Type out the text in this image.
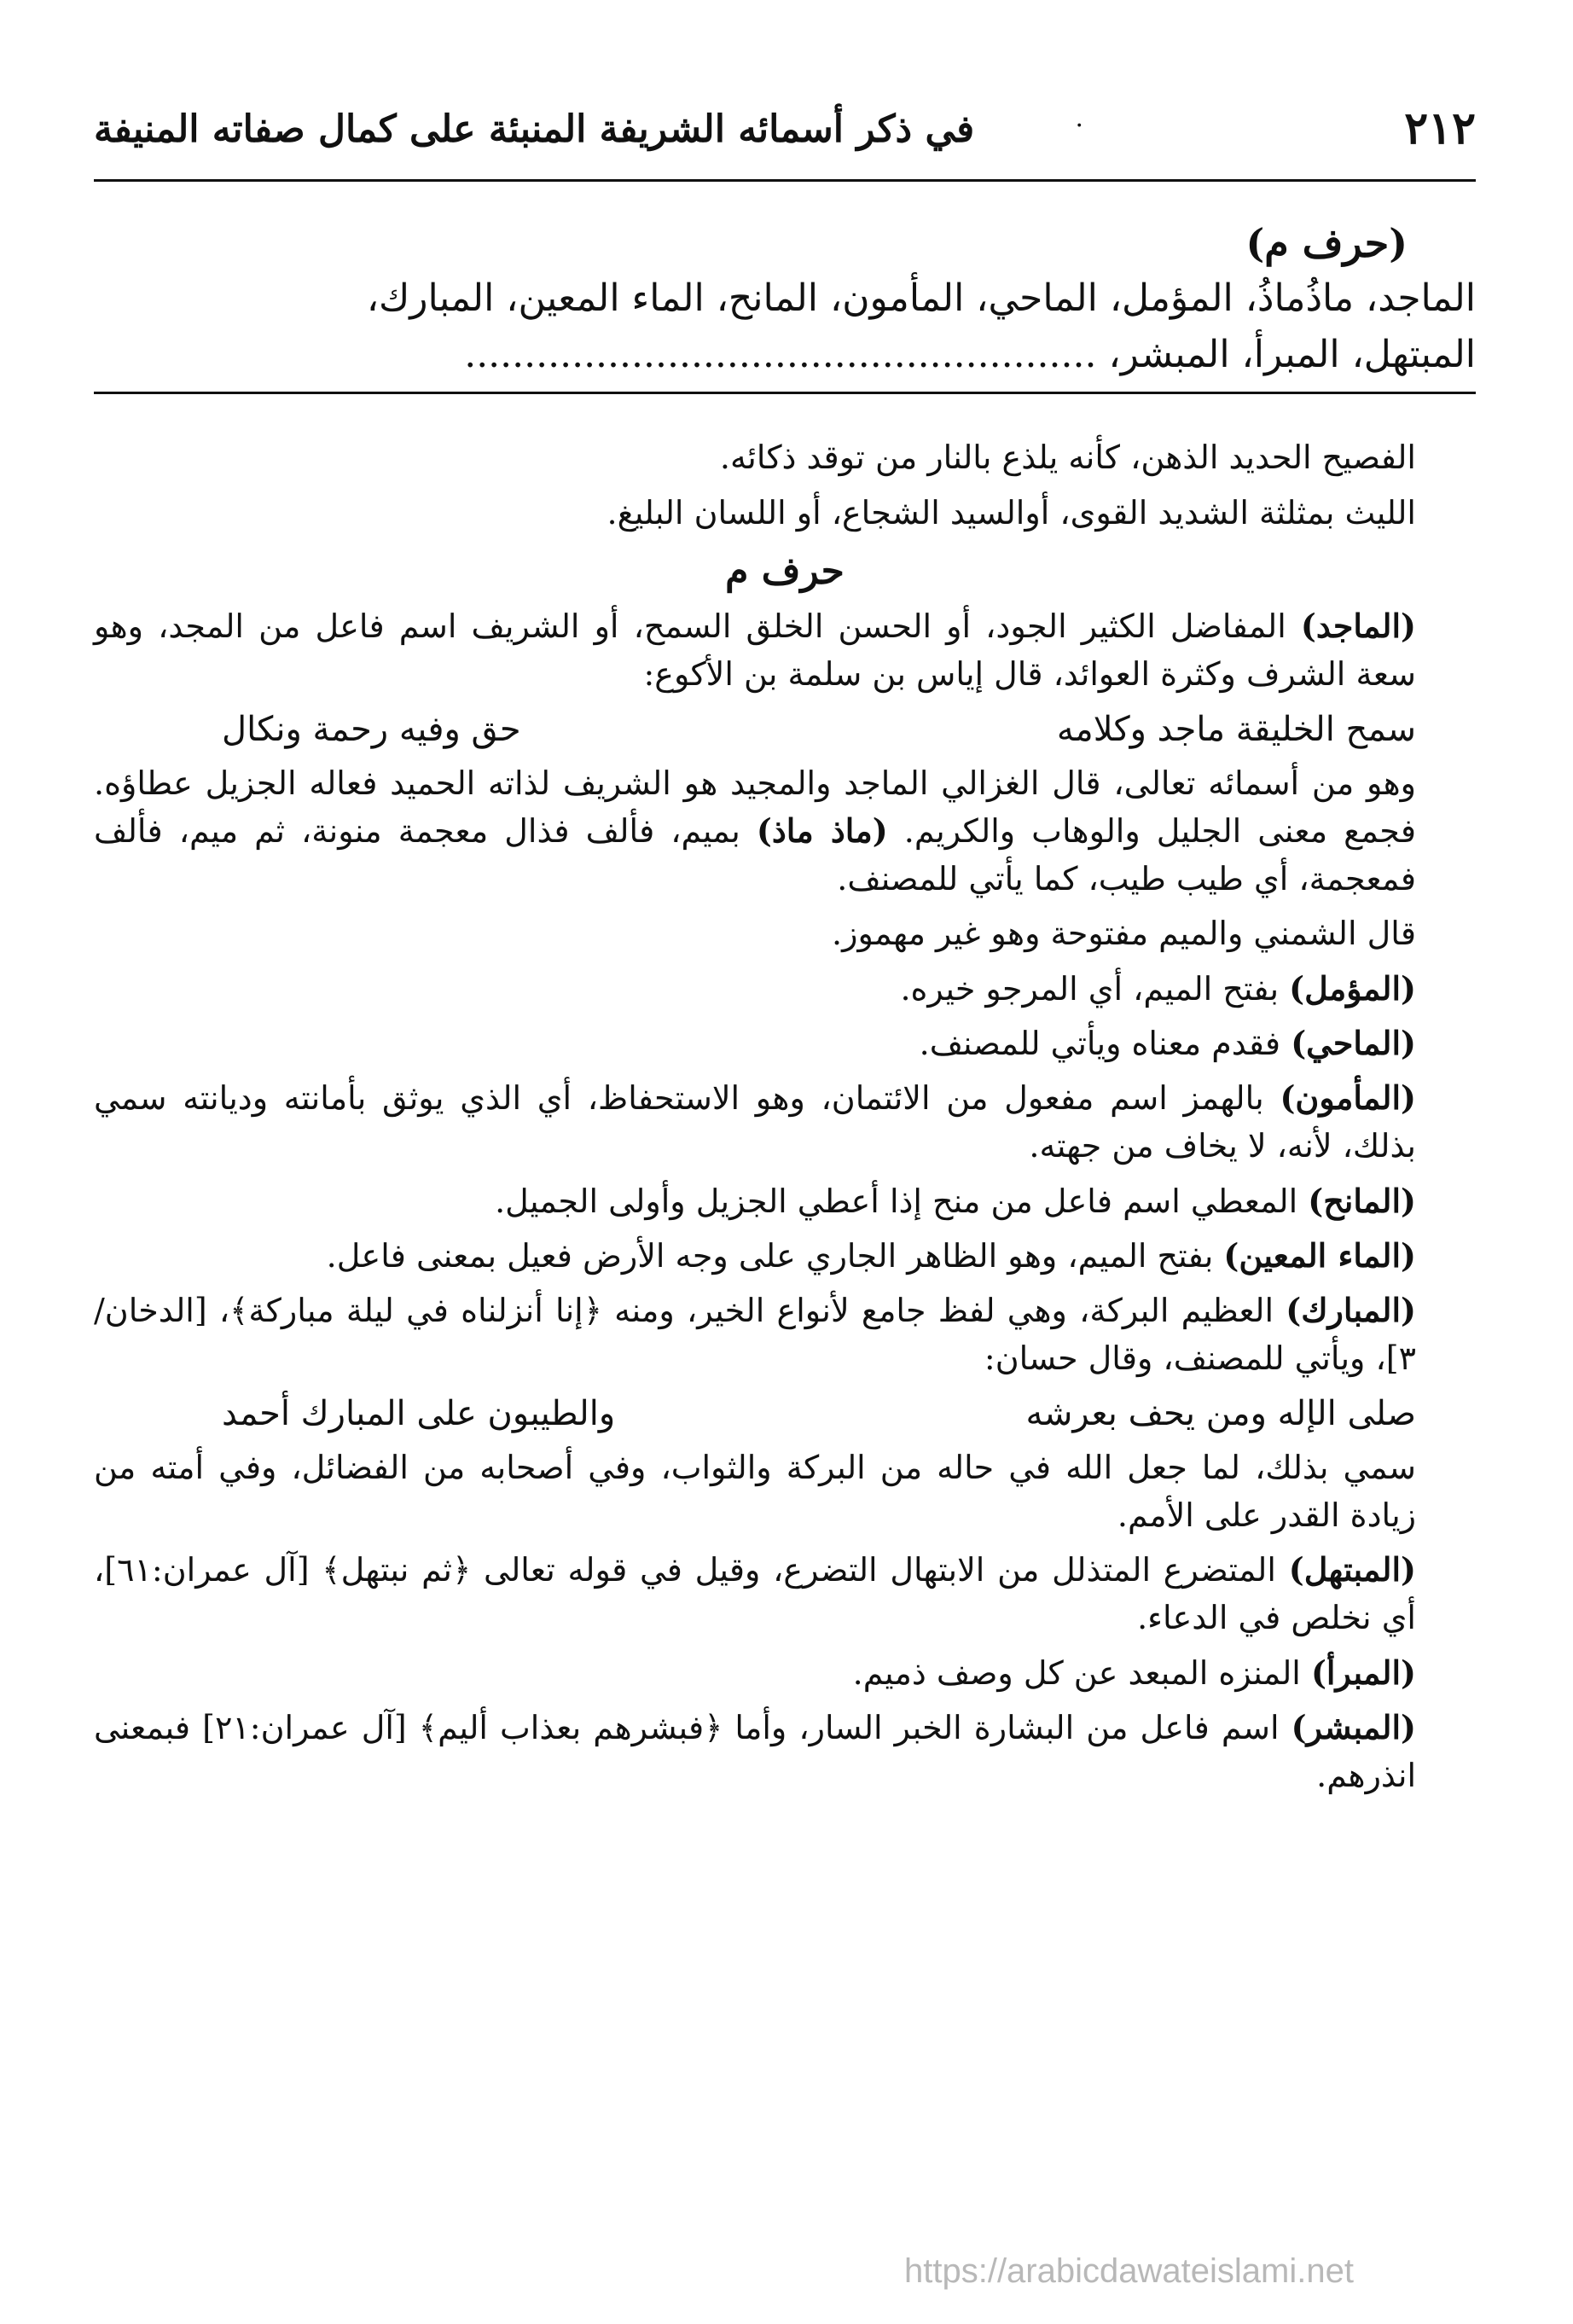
٢١٢
·
في ذكر أسمائه الشريفة المنبئة على كمال صفاته المنيفة
(حرف م)
الماجد، ماذُماذُ، المؤمل، الماحي، المأمون، المانح، الماء المعين، المبارك،
المبتهل، المبرأ، المبشر، .....................................................

الفصيح الحديد الذهن، كأنه يلذع بالنار من توقد ذكائه.

الليث بمثلثة الشديد القوى، أوالسيد الشجاع، أو اللسان البليغ.

حرف م

(الماجد) المفاضل الكثير الجود، أو الحسن الخلق السمح، أو الشريف اسم فاعل من المجد، وهو سعة الشرف وكثرة العوائد، قال إياس بن سلمة بن الأكوع:

سمح الخليقة ماجد وكلامه
حق وفيه رحمة ونكال

وهو من أسمائه تعالى، قال الغزالي الماجد والمجيد هو الشريف لذاته الحميد فعاله الجزيل عطاؤه. فجمع معنى الجليل والوهاب والكريم. (ماذ ماذ) بميم، فألف فذال معجمة منونة، ثم ميم، فألف فمعجمة، أي طيب طيب، كما يأتي للمصنف.

قال الشمني والميم مفتوحة وهو غير مهموز.

(المؤمل) بفتح الميم، أي المرجو خيره.

(الماحي) فقدم معناه ويأتي للمصنف.

(المأمون) بالهمز اسم مفعول من الائتمان، وهو الاستحفاظ، أي الذي يوثق بأمانته وديانته سمي بذلك، لأنه، لا يخاف من جهته.

(المانح) المعطي اسم فاعل من منح إذا أعطي الجزيل وأولى الجميل.

(الماء المعين) بفتح الميم، وهو الظاهر الجاري على وجه الأرض فعيل بمعنى فاعل.

(المبارك) العظيم البركة، وهي لفظ جامع لأنواع الخير، ومنه ﴿إنا أنزلناه في ليلة مباركة﴾، [الدخان/٣]، ويأتي للمصنف، وقال حسان:

صلى الإله ومن يحف بعرشه
والطيبون على المبارك أحمد

سمي بذلك، لما جعل الله في حاله من البركة والثواب، وفي أصحابه من الفضائل، وفي أمته من زيادة القدر على الأمم.

(المبتهل) المتضرع المتذلل من الابتهال التضرع، وقيل في قوله تعالى ﴿ثم نبتهل﴾ [آل عمران:٦١]، أي نخلص في الدعاء.

(المبرأ) المنزه المبعد عن كل وصف ذميم.

(المبشر) اسم فاعل من البشارة الخبر السار، وأما ﴿فبشرهم بعذاب أليم﴾ [آل عمران:٢١] فبمعنى انذرهم.

https://arabicdawateislami.net
